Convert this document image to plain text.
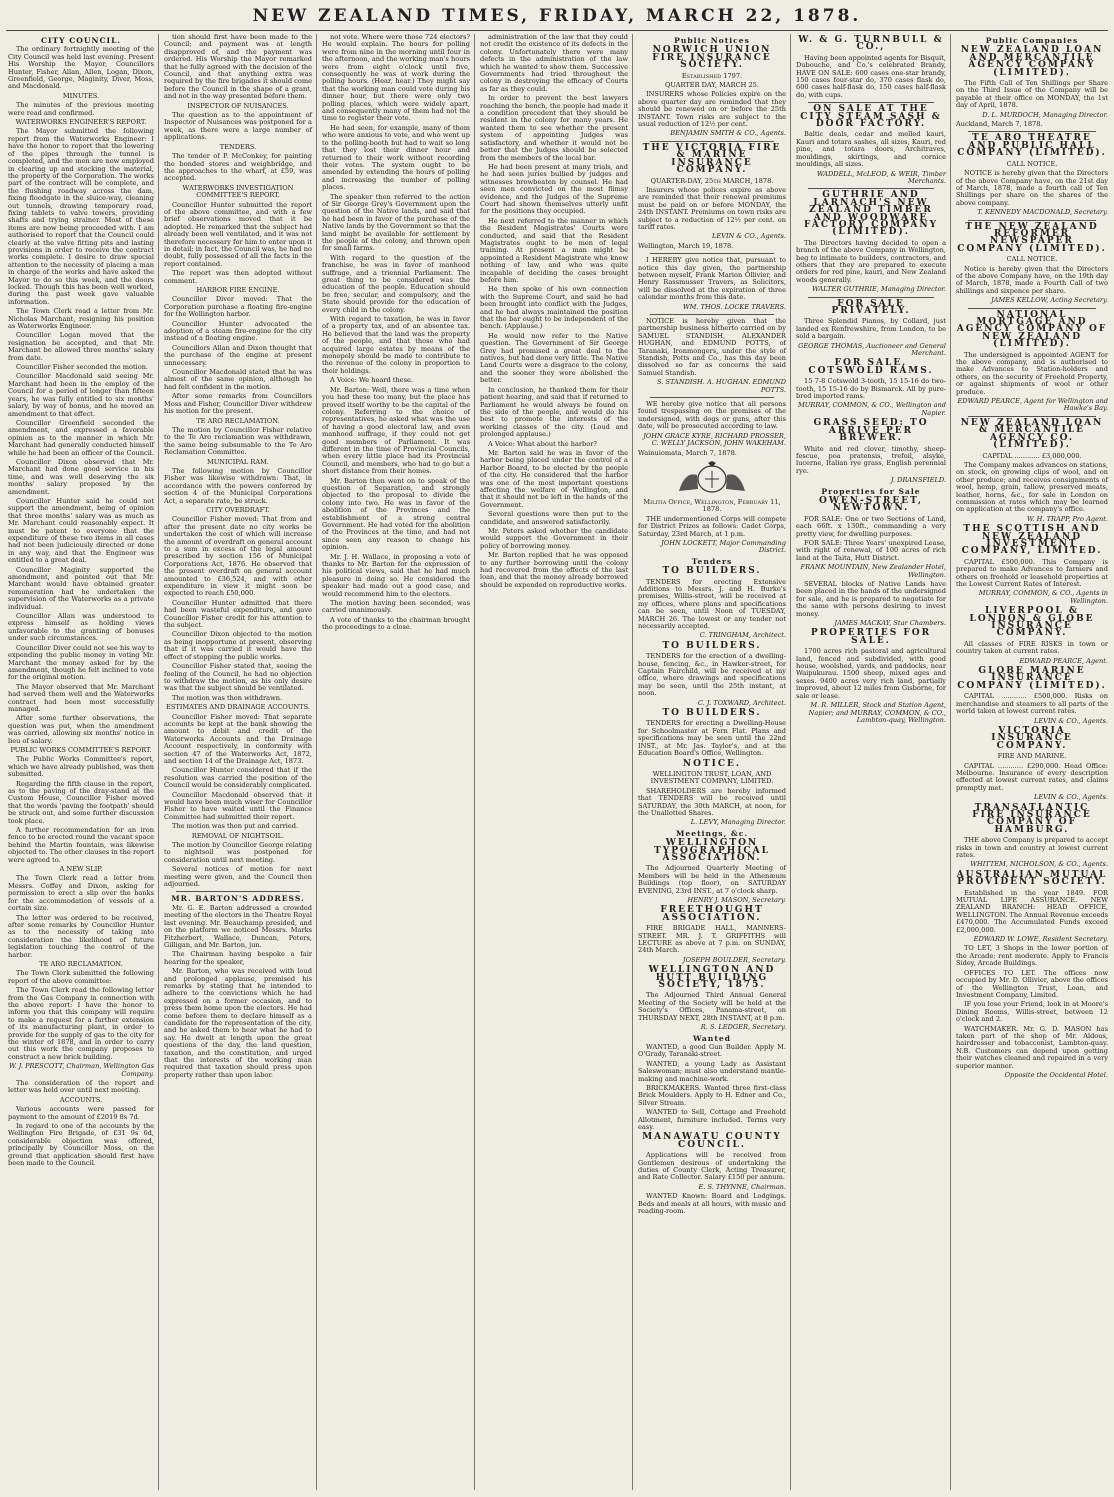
NEW ZEALAND TIMES, FRIDAY, MARCH 22, 1878.
CITY COUNCIL.

The ordinary fortnightly meeting of the City Council was held last evening. Present His Worship the Mayor, Councillors Hunter, Fisher, Allan, Allen, Logan, Dixon, Greenfield, George, Maginity, Diver, Moss, and Macdonald.

MINUTES.

The minutes of the previous meeting were read and confirmed.

WATERWORKS ENGINEER'S REPORT.

The Mayor submitted the following report from the Waterworks Engineer: I have the honor to report that the lowering of the pipes through the tunnel is completed, and the men are now employed in clearing up and stocking the material, the property of the Corporation. The works part of the contract will be complete, and the flushing roadway across the dam, fixing floodgate in the sluice-way, cleaning out tunnels, drawing temporary road, fixing tablets to valve towers, providing shafts and trying strainer. Most of these items are now being proceeded with. I am authorised to report that the Council could clearly at the valve fitting pits and lasting provisions in order to receive the contract works complete. I desire to draw special attention to the necessity of placing a man in charge of the works and have asked the Mayor to do so this week, and the doors locked. Though this has been well worked, during the past week gave valuable information.

The Town Clerk read a letter from Mr. Nicholas Marchant, resigning his position as Waterworks Engineer.

Councillor Logan moved that the resignation be accepted, and that Mr. Marchant be allowed three months' salary from date.

Councillor Fisher seconded the motion.

Councillor Macdonald said seeing Mr. Marchant had been in the employ of the Council for a period of longer than fifteen years, he was fully entitled to six months' salary, by way of bonus, and he moved an amendment to that effect.

Councillor Greenfield seconded the amendment, and expressed a favorable opinion as to the manner in which Mr. Marchant had generally conducted himself while he had been an officer of the Council.

Councillor Dixon observed that Mr. Marchant had done good service in his time, and was well deserving the six months' salary proposed by the amendment.

Councillor Hunter said he could not support the amendment, being of opinion that three months' salary was as much as Mr. Marchant could reasonably expect. It must be patent to everyone that the expenditure of these two items in all cases had not been judiciously directed or done in any way, and that the Engineer was entitled to a great deal.

Councillor Maginity supported the amendment, and pointed out that Mr. Marchant would have obtained greater remuneration had he undertaken the supervision of the Waterworks as a private individual.

Councillor Allan was understood to express himself as holding views unfavorable to the granting of bonuses under such circumstances.

Councillor Diver could not see his way to expending the public money in voting Mr. Marchant the money asked for by the amendment, though he felt inclined to vote for the original motion.

The Mayor observed that Mr. Marchant had served them well and the Waterworks contract had been most successfully managed.

After some further observations, the question was put, when the amendment was carried, allowing six months' notice in lieu of salary.

PUBLIC WORKS COMMITTEE'S REPORT.

The Public Works Committee's report, which we have already published, was then submitted.

Regarding the fifth clause in the report, as to the paving of the dray-stand at the Custom House, Councillor Fisher moved that the words 'paving the footpath' should be struck out, and some further discussion took place.

A further recommendation for an iron fence to be erected round the vacant space behind the Martin fountain, was likewise objected to. The other clauses in the report were agreed to.

A NEW SLIP.

The Town Clerk read a letter from Messrs. Coffey and Dixon, asking for permission to erect a slip over the banks for the accommodation of vessels of a certain size.

The letter was ordered to be received, after some remarks by Councillor Hunter as to the necessity of taking into consideration the likelihood of future legislation touching the control of the harbor.

TE ARO RECLAMATION.

The Town Clerk submitted the following report of the above committee:

The Town Clerk read the following letter from the Gas Company in connection with the above report: I have the honor to inform you that this company will require to make a request for a further extension of its manufacturing plant, in order to provide for the supply of gas to the city for the winter of 1878, and in order to carry out this work the company proposes to construct a new brick building.

W. J. PRESCOTT, Chairman, Wellington Gas Company.

The consideration of the report and letter was held over until next meeting.

ACCOUNTS.

Various accounts were passed for payment to the amount of £2019 8s 7d.

In regard to one of the accounts by the Wellington Fire Brigade, of £31 9s 6d, considerable objection was offered, principally by Councillor Moss, on the ground that application should first have been made to the Council.

tion should first have been made to the Council; and payment was at length disapproved of, and the payment was ordered. His Worship the Mayor remarked that he fully agreed with the decision of the Council, and that anything extra was required by the fire brigades it should come before the Council in the shape of a grant, and not in the way presented before them.

INSPECTOR OF NUISANCES.

The question as to the appointment of Inspector of Nuisances was postponed for a week, as there were a large number of applications.

TENDERS.

The tender of P. McConkey, for painting the bonded stores and weighbridge, and the approaches to the wharf, at £59, was accepted.

WATERWORKS INVESTIGATION COMMITTEE'S REPORT.

Councillor Hunter submitted the report of the above committee, and with a few brief observations moved that it be adopted. He remarked that the subject had already been well ventilated, and it was not therefore necessary for him to enter upon it in detail; in fact, the Council was, he had no doubt, fully possessed of all the facts in the report contained.

The report was then adopted without comment.

HARBOR FIRE ENGINE.

Councillor Diver moved: That the Corporation purchase a floating fire-engine for the Wellington harbor.

Councillor Hunter advocated the adoption of a steam fire-engine for the city instead of a floating engine.

Councillors Allan and Dixon thought that the purchase of the engine at present unnecessary.

Councillor Macdonald stated that he was almost of the same opinion, although he had felt confident in the motion.

After some remarks from Councillors Moss and Fisher, Councillor Diver withdrew his motion for the present.

TE ARO RECLAMATION.

The motion by Councillor Fisher relative to the Te Aro reclamation was withdrawn, the same being subsumable to the Te Aro Reclamation Committee.

MUNICIPAL RAM.

The following motion by Councillor Fisher was likewise withdrawn: That, in accordance with the powers conferred by section 4 of the Municipal Corporations Act, a separate rate, be struck.

CITY OVERDRAFT.

Councillor Fisher moved: That from and after the present date no city works be undertaken the cost of which will increase the amount of overdraft on general account to a sum in excess of the legal amount prescribed by section 156 of Municipal Corporations Act, 1876. He observed that the present overdraft on general account amounted to £36,524, and with other expenditure in view it might soon be expected to reach £50,000.

Councillor Hunter admitted that there had been wasteful expenditure, and gave Councillor Fisher credit for his attention to the subject.

Councillor Dixon objected to the motion as being inopportune at present, observing that if it was carried it would have the effect of stopping the public works.

Councillor Fisher stated that, seeing the feeling of the Council, he had no objection to withdraw the motion, as his only desire was that the subject should be ventilated.

The motion was then withdrawn.

ESTIMATES AND DRAINAGE ACCOUNTS.

Councillor Fisher moved: That separate accounts be kept at the bank showing the amount to debit and credit of the Waterworks Accounts and the Drainage Account respectively, in conformity with section 47 of the Waterworks Act, 1872, and section 14 of the Drainage Act, 1873.

Councillor Hunter considered that if the resolution was carried the position of the Council would be considerably complicated.

Councillor Macdonald observed that it would have been much wiser for Councillor Fisher to have waited until the Finance Committee had submitted their report.

The motion was then put and carried.

REMOVAL OF NIGHTSOIL.

The motion by Councillor George relating to nightsoil was postponed for consideration until next meeting.

Several notices of motion for next meeting were given, and the Council then adjourned.

MR. BARTON'S ADDRESS.

Mr. G. E. Barton addressed a crowded meeting of the electors in the Theatre Royal last evening. Mr. Beauchamp presided, and on the platform we noticed Messrs. Marks Fitzherbert, Wallace, Duncan, Peters, Gilligan, and Mr. Barton, jun.

The Chairman having bespoke a fair hearing for the speaker,

Mr. Barton, who was received with loud and prolonged applause, premised his remarks by stating that he intended to adhere to the convictions which he had expressed on a former occasion, and to press them home upon the electors. He had come before them to declare himself as a candidate for the representation of the city, and he asked them to hear what he had to say. He dwelt at length upon the great questions of the day, the land question, taxation, and the constitution, and urged that the interests of the working man required that taxation should press upon property rather than upon labor.

not vote. Where were those 724 electors? He would explain. The hours for polling were from nine in the morning until four in the afternoon, and the working man's hours were from eight o'clock until five, consequently he was at work during the polling hours. (Hear, hear.) They might say that the working man could vote during his dinner hour, but there were only two polling places, which were widely apart, and consequently many of them had not the time to register their vote.

He had seen, for example, many of them who were anxious to vote, and who went up to the polling-booth but had to wait so long that they lost their dinner hour and returned to their work without recording their votes. The system ought to be amended by extending the hours of polling and increasing the number of polling places.

The speaker then referred to the action of Sir George Grey's Government upon the question of the Native lands, and said that he had been in favor of the purchase of the Native lands by the Government so that the land might be available for settlement by the people of the colony, and thrown open for small farms.

With regard to the question of the franchise, he was in favor of manhood suffrage, and a triennial Parliament. The great thing to be considered was the education of the people. Education should be free, secular, and compulsory, and the State should provide for the education of every child in the colony.

With regard to taxation, he was in favor of a property tax, and of an absentee tax. He believed that the land was the property of the people, and that those who had acquired large estates by means of the monopoly should be made to contribute to the revenue of the colony in proportion to their holdings.

A Voice: We heard these.

Mr. Barton: Well, there was a time when you had these too many, but the place has proved itself worthy to be the capital of the colony. Referring to the choice of representatives, he asked what was the use of having a good electoral law, and even manhood suffrage, if they could not get good members of Parliament. It was different in the time of Provincial Councils, when every little place had its Provincial Council, and members, who had to go but a short distance from their homes.

Mr. Barton then went on to speak of the question of Separation, and strongly objected to the proposal to divide the colony into two. He was in favor of the abolition of the Provinces and the establishment of a strong central Government. He had voted for the abolition of the Provinces at the time, and had not since seen any reason to change his opinion.

Mr. J. H. Wallace, in proposing a vote of thanks to Mr. Barton for the expression of his political views, said that he had much pleasure in doing so. He considered the speaker had made out a good case, and would recommend him to the electors.

The motion having been seconded, was carried unanimously.

A vote of thanks to the chairman brought the proceedings to a close.

administration of the law that they could not credit the existence of its defects in the colony. Unfortunately there were many defects in the administration of the law which he wanted to show them. Successive Governments had tried throughout the colony in destroying the efficacy of Courts as far as they could.

In order to prevent the best lawyers reaching the bench, the people had made it a condition precedent that they should be resident in the colony for many years. He wanted them to see whether the present system of appointing Judges was satisfactory, and whether it would not be better that the Judges should be selected from the members of the local bar.

He had been present at many trials, and he had seen juries bullied by judges and witnesses browbeaten by counsel. He had seen men convicted on the most flimsy evidence, and the Judges of the Supreme Court had shown themselves utterly unfit for the positions they occupied.

He next referred to the manner in which the Resident Magistrates' Courts were conducted, and said that the Resident Magistrates ought to be men of legal training. At present a man might be appointed a Resident Magistrate who knew nothing of law, and who was quite incapable of deciding the cases brought before him.

He then spoke of his own connection with the Supreme Court, and said he had been brought into conflict with the Judges, and he had always maintained the position that the bar ought to be independent of the bench. (Applause.)

He would now refer to the Native question. The Government of Sir George Grey had promised a great deal to the natives, but had done very little. The Native Land Courts were a disgrace to the colony, and the sooner they were abolished the better.

In conclusion, he thanked them for their patient hearing, and said that if returned to Parliament he would always be found on the side of the people, and would do his best to promote the interests of the working classes of the city. (Loud and prolonged applause.)

A Voice: What about the harbor?

Mr. Barton said he was in favor of the harbor being placed under the control of a Harbor Board, to be elected by the people of the city. He considered that the harbor was one of the most important questions affecting the welfare of Wellington, and that it should not be left in the hands of the Government.

Several questions were then put to the candidate, and answered satisfactorily.

Mr. Peters asked whether the candidate would support the Government in their policy of borrowing money.

Mr. Barton replied that he was opposed to any further borrowing until the colony had recovered from the effects of the last loan, and that the money already borrowed should be expended on reproductive works.

Public Notices
NORWICH UNION FIRE INSURANCE SOCIETY.
Established 1797.
QUARTER DAY, MARCH 25.

INSURERS whose Policies expire on the above quarter day are reminded that they should be renewed on or before the 25th INSTANT. Town risks are subject to the usual reduction of 12½ per cent.

BENJAMIN SMITH & CO., Agents.
THE VICTORIA FIRE & MARINE INSURANCE COMPANY.
QUARTER-DAY, 25th MARCH, 1878.

Insurers whose polices expire as above are reminded that their renewal premiums must be paid on or before MONDAY, the 24th INSTANT. Premiums on town risks are subject to a reduction of 12½ per cent. on tariff rates.

LEVIN & CO., Agents.
Wellington, March 19, 1878.

I HEREBY give notice that, pursuant to notice this day given, the partnership between myself, Frank Marion Ollivier, and Henry Rassmusser Travers, as Solicitors, will be dissolved at the expiration of three calendar months from this date.

WM. THOS. LOCKE TRAVERS.

NOTICE is hereby given that the partnership business hitherto carried on by SAMUEL STANDISH, ALEXANDER HUGHAN, and EDMUND POTTS, of Taranaki, Ironmongers, under the style of Standish, Potts and Co., has this day been dissolved so far as concerns the said Samuel Standish.

S. STANDISH. A. HUGHAN. EDMUND POTTS.

WE hereby give notice that all persons found trespassing on the premises of the undersigned, with dogs or guns, after this date, will be prosecuted according to law.

JOHN GRACE KYRE, RICHARD PROSSER, C. WELLY JACKSON, JOHN WAKEHAM.
Wainuiomata, March 7, 1878.
Militia Office, Wellington, February 11, 1878.

THE undermentioned Corps will compete for District Prizes as follows: Cadet Corps, Saturday, 23rd March, at 1 p.m.

JOHN LOCKETT, Major Commanding District.
Tenders
TO BUILDERS.

TENDERS for erecting Extensive Additions to Messrs. J. and H. Burke's premises, Willis-street, will be received at my offices, where plans and specifications can be seen, until Noon of TUESDAY, MARCH 26. The lowest or any tender not necessarily accepted.

C. TRINGHAM, Architect.
TO BUILDERS.

TENDERS for the erection of a dwelling-house, fencing, &c., in Hawker-street, for Captain Fairchild, will be received at my office, where drawings and specifications may be seen, until the 25th instant, at noon.

C. J. TOXWARD, Architect.
TO BUILDERS.

TENDERS for erecting a Dwelling-House for Schoolmaster at Fern Flat. Plans and specifications may be seen until the 22nd INST., at Mr. Jas. Taylor's, and at the Education Board's Office, Wellington.

NOTICE.
WELLINGTON TRUST, LOAN, AND INVESTMENT COMPANY, LIMITED.

SHAREHOLDERS are hereby informed that TENDERS will be received until SATURDAY, the 30th MARCH, at noon, for the Unallotted Shares.

L. LEVY, Managing Director.
Meetings, &c.
WELLINGTON TYPOGRAPHICAL ASSOCIATION.

The Adjourned Quarterly Meeting of Members will be held in the Athenæum Buildings (top floor), on SATURDAY EVENING, 23rd INST., at 7 o'clock sharp.

HENRY J. MASON, Secretary.
FREETHOUGHT ASSOCIATION.

FIRE BRIGADE HALL, MANNERS-STREET. MR. J. T. GRIFFITHS will LECTURE as above at 7 p.m. on SUNDAY, 24th March.

JOSEPH BOULDER, Secretary.
WELLINGTON AND HUTT BUILDING SOCIETY, 1875.

The Adjourned Third Annual General Meeting of the Society will be held at the Society's Offices, Panama-street, on THURSDAY NEXT, 28th INSTANT, at 8 p.m.

R. S. LEDGER, Secretary.
Wanted

WANTED, a good Gun Builder. Apply M. O'Grady, Taranaki-street.

WANTED, a young Lady as Assistant Saleswoman; must also understand mantle-making and machine-work.

BRICKMAKERS. Wanted three first-class Brick Moulders. Apply to H. Edner and Co., Silver Stream.

WANTED to Sell, Cottage and Freehold Allotment, furniture included. Terms very easy.

MANAWATU COUNTY COUNCIL.

Applications will be received from Gentlemen desirous of undertaking the duties of County Clerk, Acting Treasurer, and Rate Collector. Salary £150 per annum.

E. S. THYNNE, Chairman.

WANTED Known: Board and Lodgings. Beds and meals at all hours, with music and reading-room.

W. & G. TURNBULL & CO.,

Having been appointed agents for Bisquit, Dubouche, and Co.'s celebrated Brandy, HAVE ON SALE: 600 cases one-star brandy, 150 cases four-star do, 370 cases flask do, 600 cases half-flask do, 150 cases half-flask do, with cups.

ON SALE AT THE CITY STEAM SASH & DOOR FACTORY.

Baltic deals, cedar and melled kauri, Kauri and totara sashes, all sizes, Kauri, red pine, and totara doors, Architraves, mouldings, skirtings, and cornice mouldings, all sizes.

WADDELL, McLEOD, & WEIR, Timber Merchants.
GUTHRIE AND LARNACH'S NEW ZEALAND TIMBER AND WOODWARE FACTORY COMPANY (LIMITED).

The Directors having decided to open a branch of the above Company in Wellington, beg to intimate to builders, contractors, and others that they are prepared to execute orders for red pine, kauri, and New Zealand woods generally.

WALTER GUTHRIE, Managing Director.
FOR SALE PRIVATELY.

Three Splendid Pianos, by Collard, just landed ex Renfrewshire, from London, to be sold a bargain.

GEORGE THOMAS, Auctioneer and General Merchant.
FOR SALE, COTSWOLD RAMS.

15 7-8 Cotswold 3-tooth, 15 15-16 do two-tooth, 15 15-16 do by Bismarck. All by pure-bred imported rams.

MURRAY, COMMON, & CO., Wellington and Napier.
GRASS SEED: TO ARRIVE PER BREWER.

White and red clover, timothy, sheep-fescue, poa pratensis, trefoil, alsyke, lucerne, Italian rye grass, English perennial rye.

J. DRANSFIELD.
Properties for Sale
OWEN-STREET, NEWTOWN.

FOR SALE: One or two Sections of Land, each 66ft. x 130ft., commanding a very pretty view, for dwelling purposes.

FOR SALE: Three Years' unexpired Lease, with right of renewal, of 100 acres of rich land at the Taita, Hutt District.

FRANK MOUNTAIN, New Zealander Hotel, Wellington.

SEVERAL blocks of Native Lands have been placed in the hands of the undersigned for sale, and he is prepared to negotiate for the same with persons desiring to invest money.

JAMES MACKAY, Star Chambers.
PROPERTIES FOR SALE.

1700 acres rich pastoral and agricultural land, fenced and subdivided, with good house, woolshed, yards, and paddocks, near Waipukurau. 1500 sheep, mixed ages and sexes. 9400 acres very rich land, partially improved, about 12 miles from Gisborne, for sale or lease.

M. R. MILLER, Stock and Station Agent, Napier; and MURRAY, COMMON, & CO., Lambton-quay, Wellington.
Public Companies
NEW ZEALAND LOAN AND MERCANTILE AGENCY COMPANY (LIMITED).

The Fifth Call of Ten Shillings per Share on the Third Issue of the Company will be payable at their office on MONDAY, the 1st day of April, 1878.

D. L. MURDOCH, Managing Director.
Auckland, March 7, 1878.
TE ARO THEATRE AND PUBLIC HALL COMPANY (LIMITED).
CALL NOTICE.

NOTICE is hereby given that the Directors of the above Company have, on the 21st day of March, 1878, made a fourth call of Ten Shillings per share on the shares of the above company.

T. KENNEDY MACDONALD, Secretary.
THE NEW ZEALAND REFORMER NEWSPAPER COMPANY (LIMITED).
CALL NOTICE.

Notice is hereby given that the Directors of the above Company have, on the 19th day of March, 1878, made a Fourth Call of two shillings and sixpence per share.

JAMES KELLOW, Acting Secretary.
NATIONAL MORTGAGE AND AGENCY COMPANY OF NEW ZEALAND (LIMITED).

The undersigned is appointed AGENT for the above company, and is authorised to make Advances to Station-holders and others, on the security of Freehold Property, or against shipments of wool or other produce.

EDWARD PEARCE, Agent for Wellington and Hawke's Bay.
NEW ZEALAND LOAN & MERCANTILE AGENCY CO. (LIMITED).
CAPITAL ............ £3,000,000.

The Company makes advances on stations, on stock, on growing clips of wool, and on other produce; and receives consignments of wool, hemp, grain, tallow, preserved meats, leather, horns, &c., for sale in London on commission at rates which may be learned on application at the company's office.

W. H. TRAPP, Pro Agent.
THE SCOTTISH AND NEW ZEALAND INVESTMENT COMPANY, LIMITED.

CAPITAL £500,000. This Company is prepared to make Advances to farmers and others on freehold or leasehold properties at the Lowest Current Rates of Interest.

MURRAY, COMMON, & CO., Agents in Wellington.
LIVERPOOL & LONDON & GLOBE INSURANCE COMPANY.

All classes of FIRE RISKS in town or country taken at current rates.

EDWARD PEARCE, Agent.
GLOBE MARINE INSURANCE COMPANY (LIMITED).

CAPITAL ............ £500,000. Risks on merchandise and steamers to all parts of the world taken at lowest current rates.

LEVIN & CO., Agents.
VICTORIA INSURANCE COMPANY.
FIRE AND MARINE.

CAPITAL ............ £290,000. Head Office: Melbourne. Insurance of every description effected at lowest current rates, and claims promptly met.

LEVIN & CO., Agents.
TRANSATLANTIC FIRE INSURANCE COMPANY OF HAMBURG.

THE above Company is prepared to accept risks in town and country at lowest current rates.

WHITTEM, NICHOLSON, & CO., Agents.
AUSTRALIAN MUTUAL PROVIDENT SOCIETY.

Established in the year 1849. FOR MUTUAL LIFE ASSURANCE. NEW ZEALAND BRANCH: HEAD OFFICE, WELLINGTON. The Annual Revenue exceeds £470,000. The Accumulated Funds exceed £2,000,000.

EDWARD W. LOWE, Resident Secretary.

TO LET, 3 Shops in the lower portion of the Arcade; rent moderate. Apply to Francis Sidey, Arcade Buildings.

OFFICES TO LET. The offices now occupied by Mr. D. Ollivier, above the offices of the Wellington Trust, Loan, and Investment Company, Limited.

IF you lose your Friend, look in at Moore's Dining Rooms, Willis-street, between 12 o'clock and 2.

WATCHMAKER. Mr. G. D. MASON has taken part of the shop of Mr. Aldous, hairdresser and tobacconist, Lambton-quay. N.B. Customers can depend upon getting their watches cleaned and repaired in a very superior manner.

Opposite the Occidental Hotel.
